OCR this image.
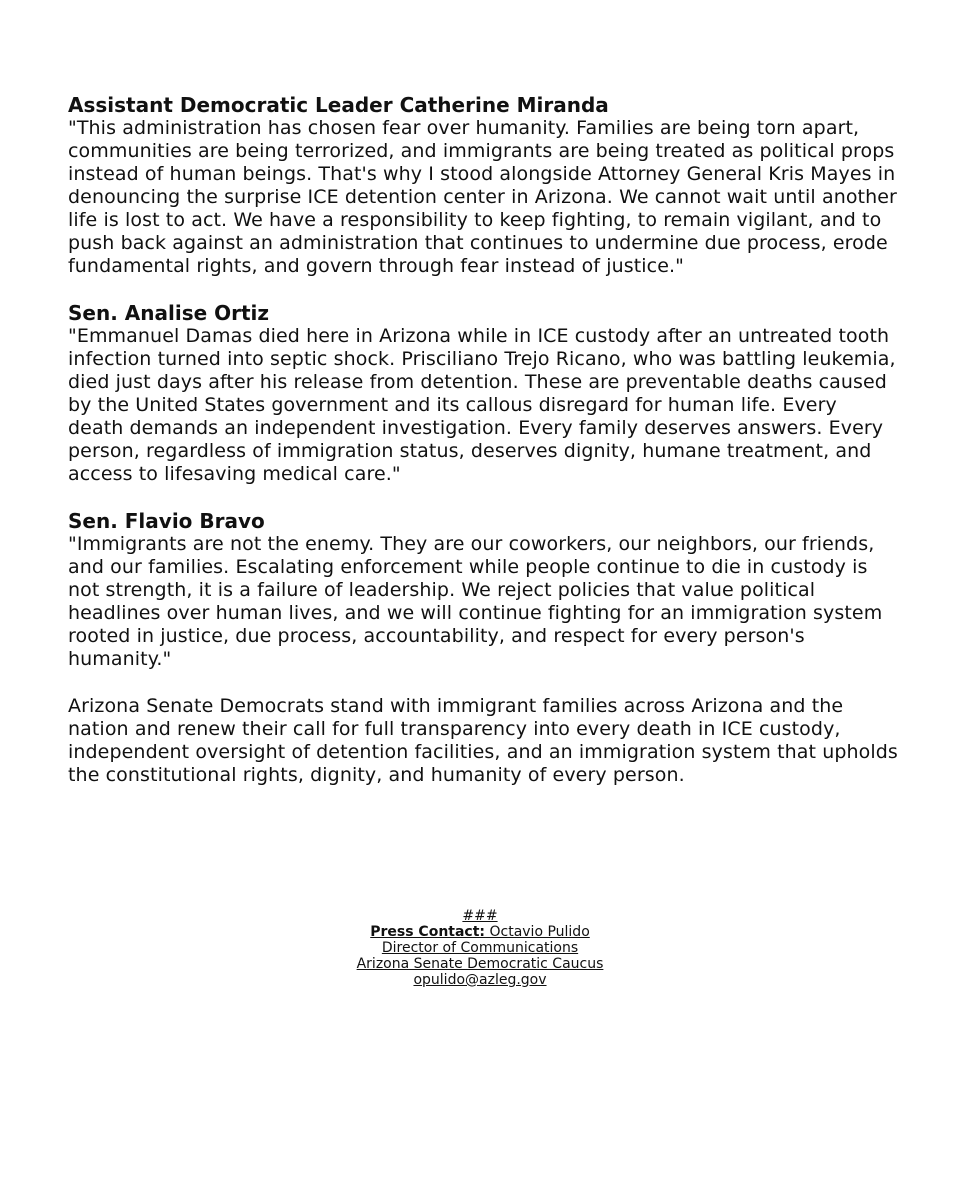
Assistant Democratic Leader Catherine Miranda

"This administration has chosen fear over humanity. Families are being torn apart, communities are being terrorized, and immigrants are being treated as political props instead of human beings. That's why I stood alongside Attorney General Kris Mayes in denouncing the surprise ICE detention center in Arizona. We cannot wait until another life is lost to act. We have a responsibility to keep fighting, to remain vigilant, and to push back against an administration that continues to undermine due process, erode fundamental rights, and govern through fear instead of justice."

Sen. Analise Ortiz

"Emmanuel Damas died here in Arizona while in ICE custody after an untreated tooth infection turned into septic shock. Prisciliano Trejo Ricano, who was battling leukemia, died just days after his release from detention. These are preventable deaths caused by the United States government and its callous disregard for human life. Every death demands an independent investigation. Every family deserves answers. Every person, regardless of immigration status, deserves dignity, humane treatment, and access to lifesaving medical care."

Sen. Flavio Bravo

"Immigrants are not the enemy. They are our coworkers, our neighbors, our friends, and our families. Escalating enforcement while people continue to die in custody is not strength, it is a failure of leadership. We reject policies that value political headlines over human lives, and we will continue fighting for an immigration system rooted in justice, due process, accountability, and respect for every person's humanity."

Arizona Senate Democrats stand with immigrant families across Arizona and the nation and renew their call for full transparency into every death in ICE custody, independent oversight of detention facilities, and an immigration system that upholds the constitutional rights, dignity, and humanity of every person.

###
Press Contact: Octavio Pulido
Director of Communications
Arizona Senate Democratic Caucus
opulido@azleg.gov
